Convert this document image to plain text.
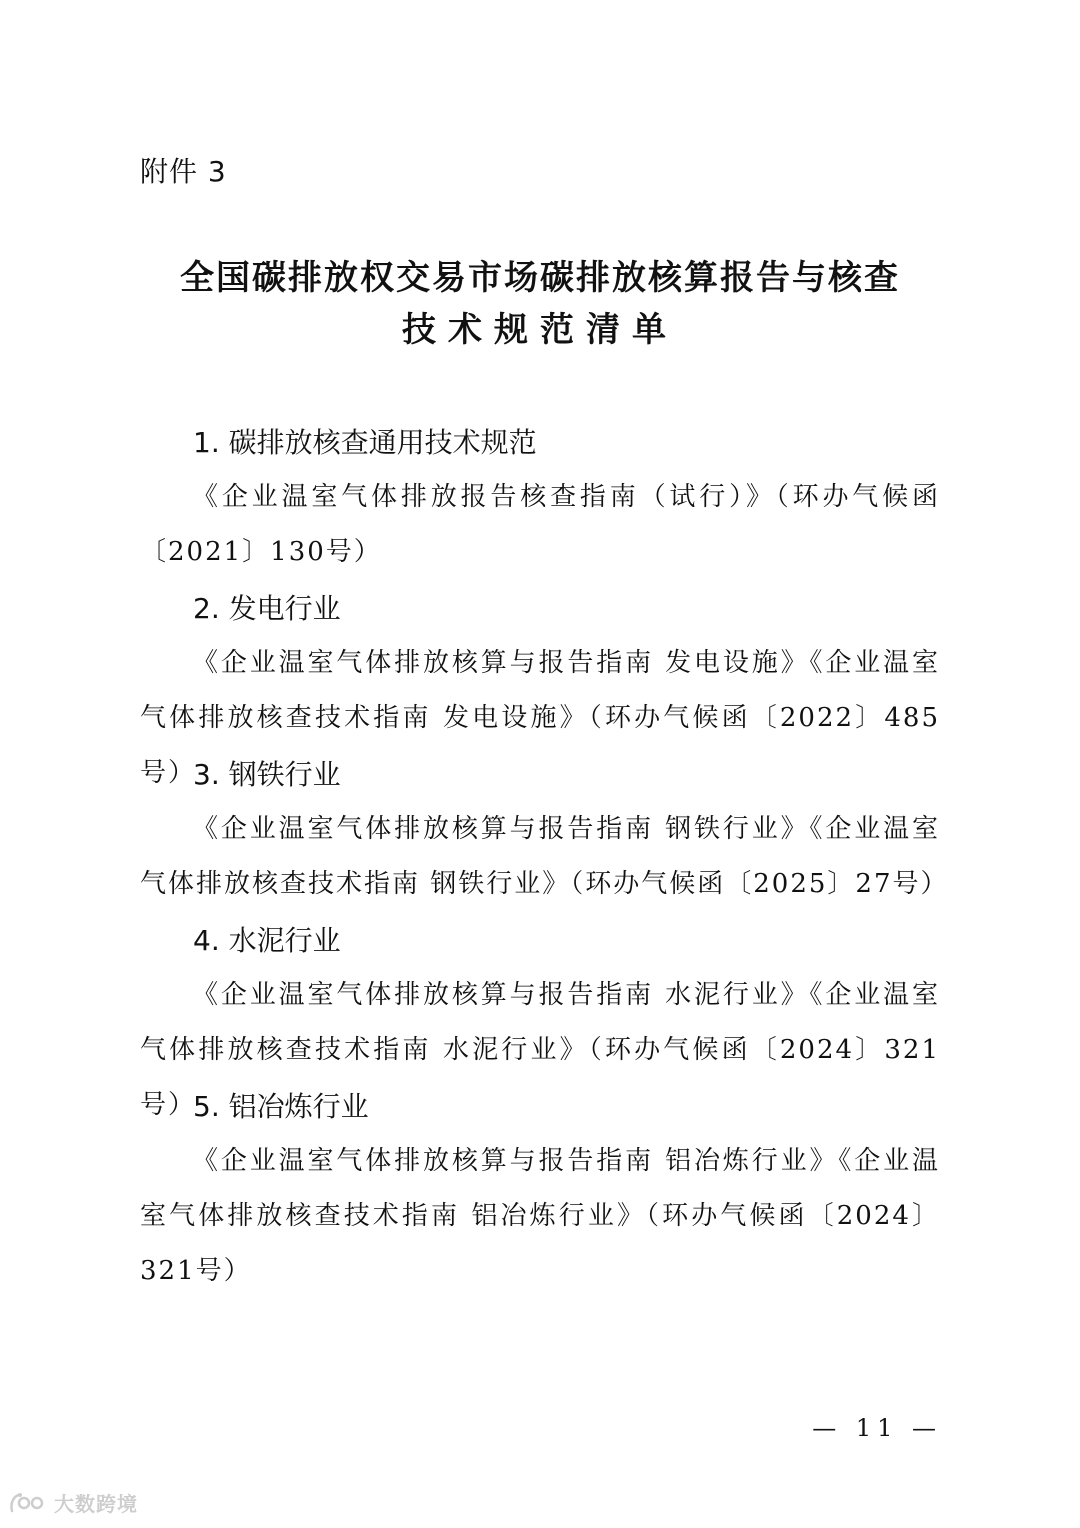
附件 3
全国碳排放权交易市场碳排放核算报告与核查
技术规范清单
1. 碳排放核查通用技术规范
《企业温室气体排放报告核查指南（试行）》（环办气候函〔2021〕130号）
2. 发电行业
《企业温室气体排放核算与报告指南 发电设施》《企业温室气体排放核查技术指南 发电设施》（环办气候函〔2022〕485号）
3. 钢铁行业
《企业温室气体排放核算与报告指南 钢铁行业》《企业温室气体排放核查技术指南 钢铁行业》（环办气候函〔2025〕27号）
4. 水泥行业
《企业温室气体排放核算与报告指南 水泥行业》《企业温室气体排放核查技术指南 水泥行业》（环办气候函〔2024〕321号）
5. 铝冶炼行业
《企业温室气体排放核算与报告指南 铝冶炼行业》《企业温室气体排放核查技术指南 铝冶炼行业》（环办气候函〔2024〕321号）
— 11 —
大数跨境
